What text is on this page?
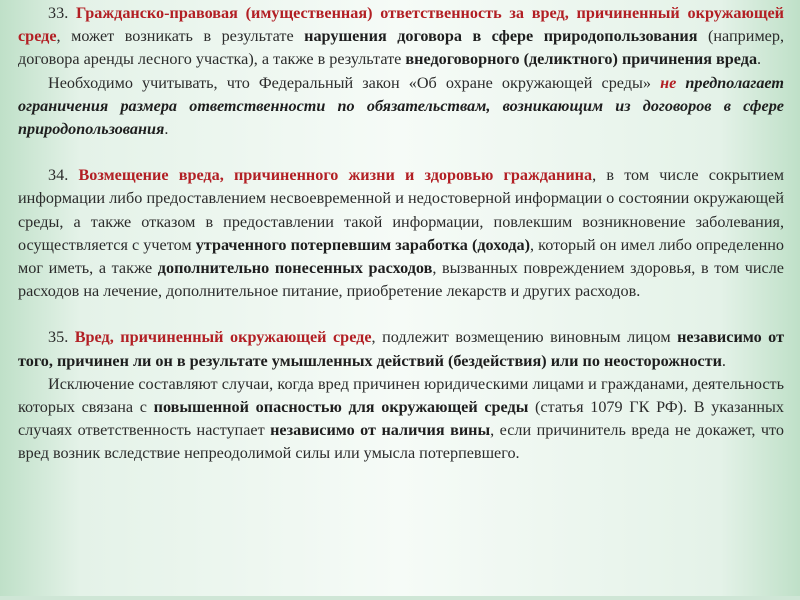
33. Гражданско-правовая (имущественная) ответственность за вред, причиненный окружающей среде, может возникать в результате нарушения договора в сфере природопользования (например, договора аренды лесного участка), а также в результате внедоговорного (деликтного) причинения вреда.

Необходимо учитывать, что Федеральный закон «Об охране окружающей среды» не предполагает ограничения размера ответственности по обязательствам, возникающим из договоров в сфере природопользования.

34. Возмещение вреда, причиненного жизни и здоровью гражданина, в том числе сокрытием информации либо предоставлением несвоевременной и недостоверной информации о состоянии окружающей среды, а также отказом в предоставлении такой информации, повлекшим возникновение заболевания, осуществляется с учетом утраченного потерпевшим заработка (дохода), который он имел либо определенно мог иметь, а также дополнительно понесенных расходов, вызванных повреждением здоровья, в том числе расходов на лечение, дополнительное питание, приобретение лекарств и других расходов.

35. Вред, причиненный окружающей среде, подлежит возмещению виновным лицом независимо от того, причинен ли он в результате умышленных действий (бездействия) или по неосторожности.

Исключение составляют случаи, когда вред причинен юридическими лицами и гражданами, деятельность которых связана с повышенной опасностью для окружающей среды (статья 1079 ГК РФ). В указанных случаях ответственность наступает независимо от наличия вины, если причинитель вреда не докажет, что вред возник вследствие непреодолимой силы или умысла потерпевшего.
